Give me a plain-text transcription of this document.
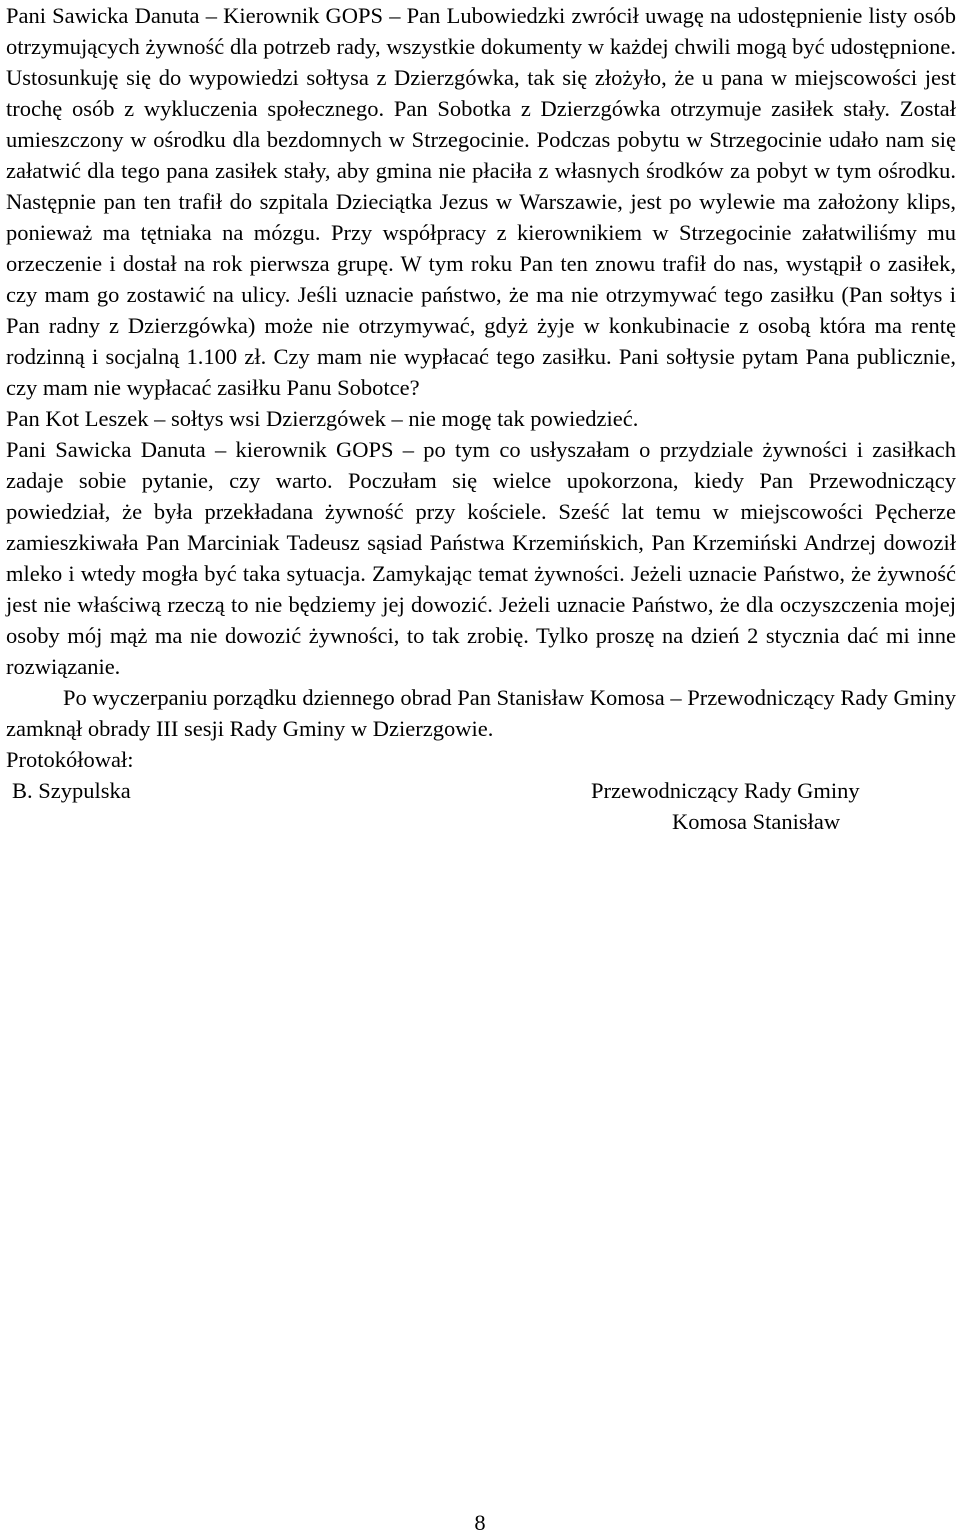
Pani Sawicka Danuta – Kierownik GOPS – Pan Lubowiedzki zwrócił uwagę na udostępnienie listy osób otrzymujących żywność dla potrzeb rady, wszystkie dokumenty w każdej chwili mogą być udostępnione. Ustosunkuję się do wypowiedzi sołtysa z Dzierzgówka, tak się złożyło, że u pana w miejscowości jest trochę osób z wykluczenia społecznego. Pan Sobotka z Dzierzgówka otrzymuje zasiłek stały. Został umieszczony w ośrodku dla bezdomnych w Strzegocinie. Podczas pobytu w Strzegocinie udało nam się załatwić dla tego pana zasiłek stały, aby gmina nie płaciła z własnych środków za pobyt w tym ośrodku. Następnie pan ten trafił do szpitala Dzieciątka Jezus w Warszawie, jest po wylewie ma założony klips, ponieważ ma tętniaka na mózgu. Przy współpracy z kierownikiem w Strzegocinie załatwiliśmy mu orzeczenie i dostał na rok pierwsza grupę. W tym roku Pan ten znowu trafił do nas, wystąpił o zasiłek, czy mam go zostawić na ulicy. Jeśli uznacie państwo, że ma nie otrzymywać tego zasiłku (Pan sołtys i Pan radny z Dzierzgówka) może nie otrzymywać, gdyż żyje w konkubinacie z osobą która ma rentę rodzinną i socjalną 1.100 zł. Czy mam nie wypłacać tego zasiłku. Pani sołtysie pytam Pana publicznie, czy mam nie wypłacać zasiłku Panu Sobotce?

Pan Kot Leszek – sołtys wsi Dzierzgówek – nie mogę tak powiedzieć.

Pani Sawicka Danuta – kierownik GOPS – po tym co usłyszałam o przydziale żywności i zasiłkach zadaje sobie pytanie, czy warto. Poczułam się wielce upokorzona, kiedy Pan Przewodniczący powiedział, że była przekładana żywność przy kościele. Sześć lat temu w miejscowości Pęcherze zamieszkiwała Pan Marciniak Tadeusz sąsiad Państwa Krzemińskich, Pan Krzemiński Andrzej dowoził mleko i wtedy mogła być taka sytuacja. Zamykając temat żywności. Jeżeli uznacie Państwo, że żywność jest nie właściwą rzeczą to nie będziemy jej dowozić. Jeżeli uznacie Państwo, że dla oczyszczenia mojej osoby mój mąż ma nie dowozić żywności, to tak zrobię. Tylko proszę na dzień 2 stycznia dać mi inne rozwiązanie.

Po wyczerpaniu porządku dziennego obrad Pan Stanisław Komosa – Przewodniczący Rady Gminy zamknął obrady III sesji Rady Gminy w Dzierzgowie.

Protokółował:

B. Szypulska	Przewodniczący Rady Gminy
Komosa Stanisław
8
